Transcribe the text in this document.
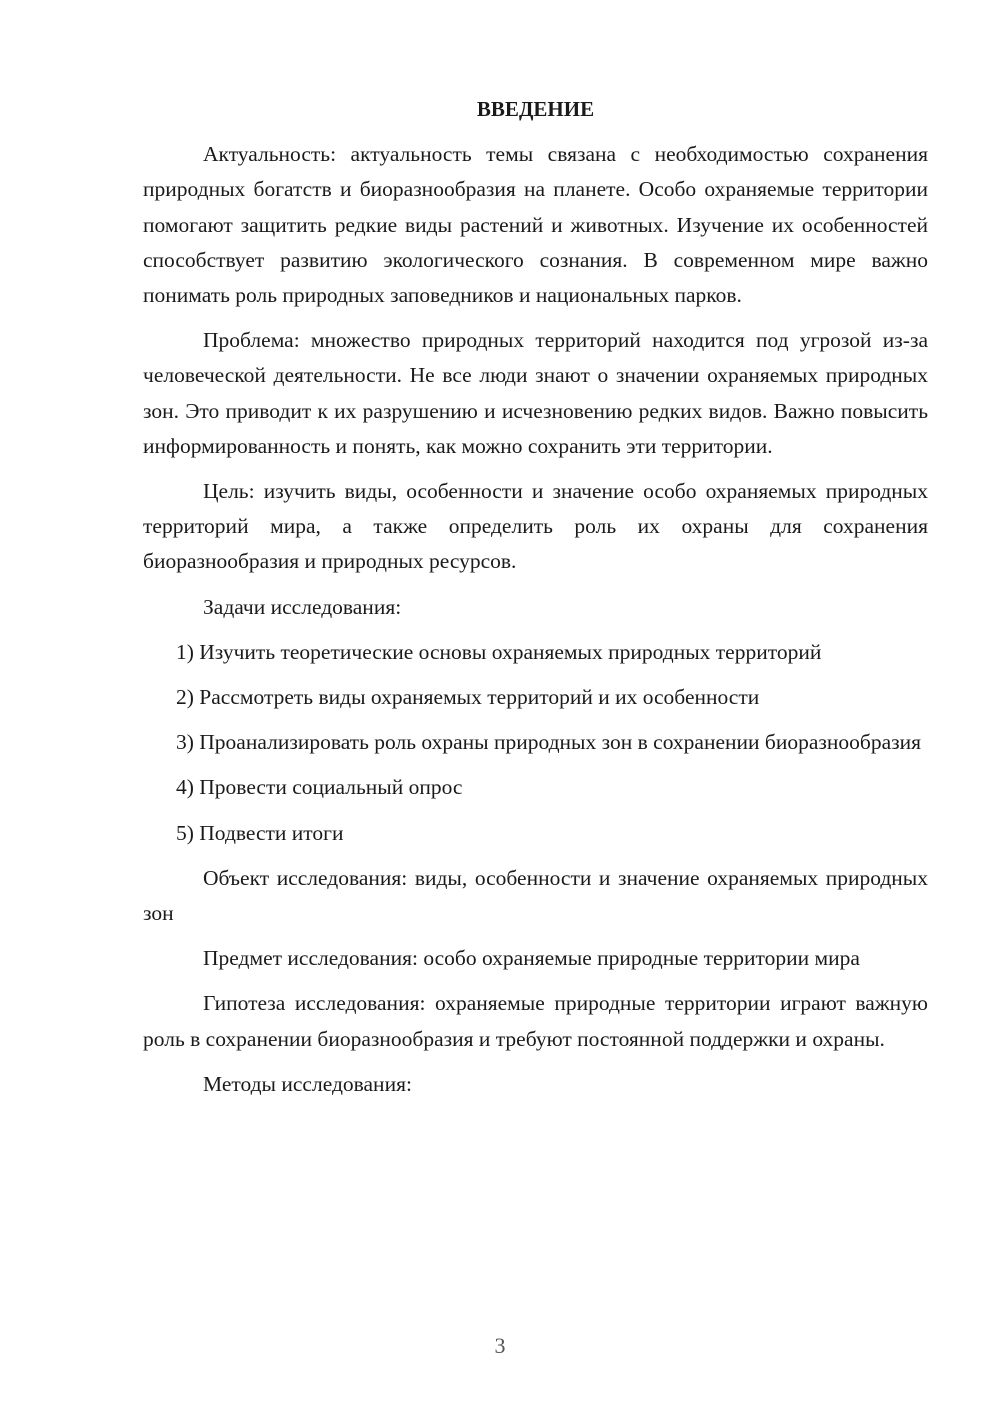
ВВЕДЕНИЕ

Актуальность: актуальность темы связана с необходимостью сохранения природных богатств и биоразнообразия на планете. Особо охраняемые территории помогают защитить редкие виды растений и животных. Изучение их особенностей способствует развитию экологического сознания. В современном мире важно понимать роль природных заповедников и национальных парков.

Проблема: множество природных территорий находится под угрозой из-за человеческой деятельности. Не все люди знают о значении охраняемых природных зон. Это приводит к их разрушению и исчезновению редких видов. Важно повысить информированность и понять, как можно сохранить эти территории.

Цель: изучить виды, особенности и значение особо охраняемых природных территорий мира, а также определить роль их охраны для сохранения биоразнообразия и природных ресурсов.

Задачи исследования:

1) Изучить теоретические основы охраняемых природных территорий

2) Рассмотреть виды охраняемых территорий и их особенности

3) Проанализировать роль охраны природных зон в сохранении биоразнообразия

4) Провести социальный опрос

5) Подвести итоги

Объект исследования: виды, особенности и значение охраняемых природных зон

Предмет исследования: особо охраняемые природные территории мира

Гипотеза исследования: охраняемые природные территории играют важную роль в сохранении биоразнообразия и требуют постоянной поддержки и охраны.

Методы исследования:

3
